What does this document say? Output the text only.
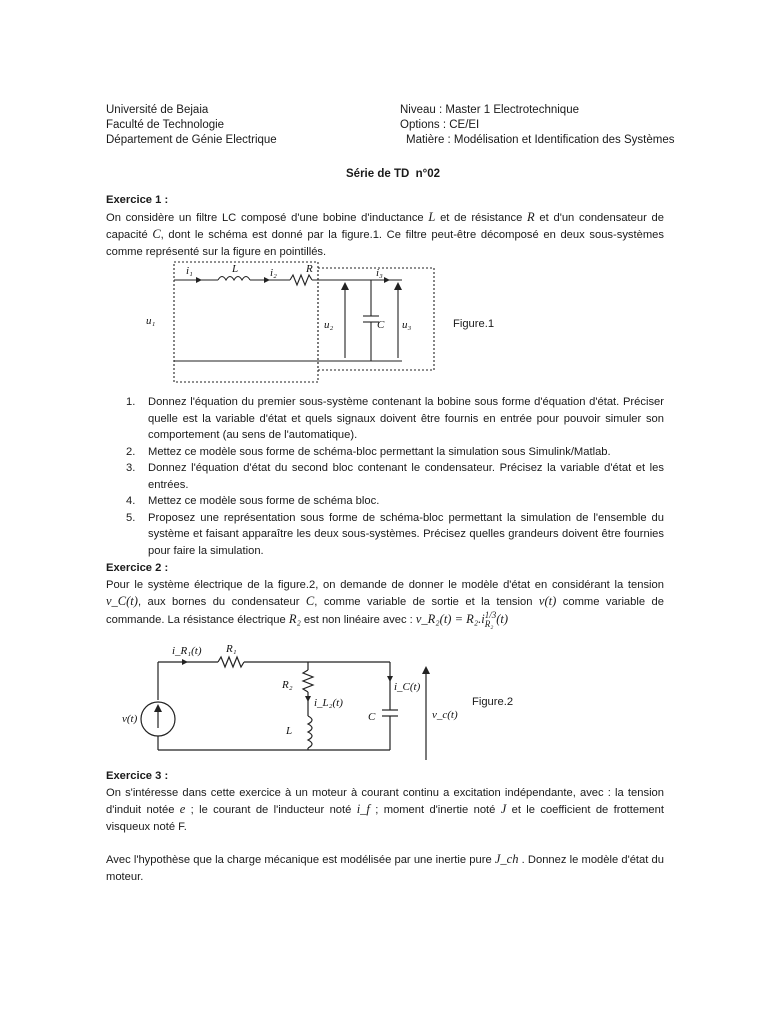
Université de Bejaia
Faculté de Technologie
Département de Génie Electrique
Niveau : Master 1 Electrotechnique
Options : CE/EI
Matière : Modélisation et Identification des Systèmes
Série de TD  n°02
Exercice 1 :
On considère un filtre LC composé d'une bobine d'inductance L et de résistance R et d'un condensateur de capacité C, dont le schéma est donné par la figure.1. Ce filtre peut-être décomposé en deux sous-systèmes comme représenté sur la figure en pointillés.
i₁	L	i₂	R	i₃
u₁	u₂	C u₃	Figure.1
1. Donnez l'équation du premier sous-système contenant la bobine sous forme d'équation d'état. Préciser quelle est la variable d'état et quels signaux doivent être fournis en entrée pour pouvoir simuler son comportement (au sens de l'automatique).
2. Mettez ce modèle sous forme de schéma-bloc permettant la simulation sous Simulink/Matlab.
3. Donnez l'équation d'état du second bloc contenant le condensateur. Précisez la variable d'état et les entrées.
4. Mettez ce modèle sous forme de schéma bloc.
5. Proposez une représentation sous forme de schéma-bloc permettant la simulation de l'ensemble du système et faisant apparaître les deux sous-systèmes. Précisez quelles grandeurs doivent être fournies pour faire la simulation.
Exercice 2 :
Pour le système électrique de la figure.2, on demande de donner le modèle d'état en considérant la tension v_C(t), aux bornes du condensateur C, comme variable de sortie et la tension v(t) comme variable de commande. La résistance électrique R₂ est non linéaire avec : v_R₂(t) = R₂.i 1/3
R₂ (t)
i_R₁(t) R₁
R₂
i_L₂(t)
L
i_C(t)
C	v_c(t)
v(t)
Figure.2
Exercice 3 :
On s'intéresse dans cette exercice à un moteur à courant continu a excitation indépendante, avec : la tension d'induit notée e ; le courant de l'inducteur noté i_f ; moment d'inertie noté J et le coefficient de frottement visqueux noté F.
Avec l'hypothèse que la charge mécanique est modélisée par une inertie pure J_ch . Donnez le modèle d'état du moteur.
